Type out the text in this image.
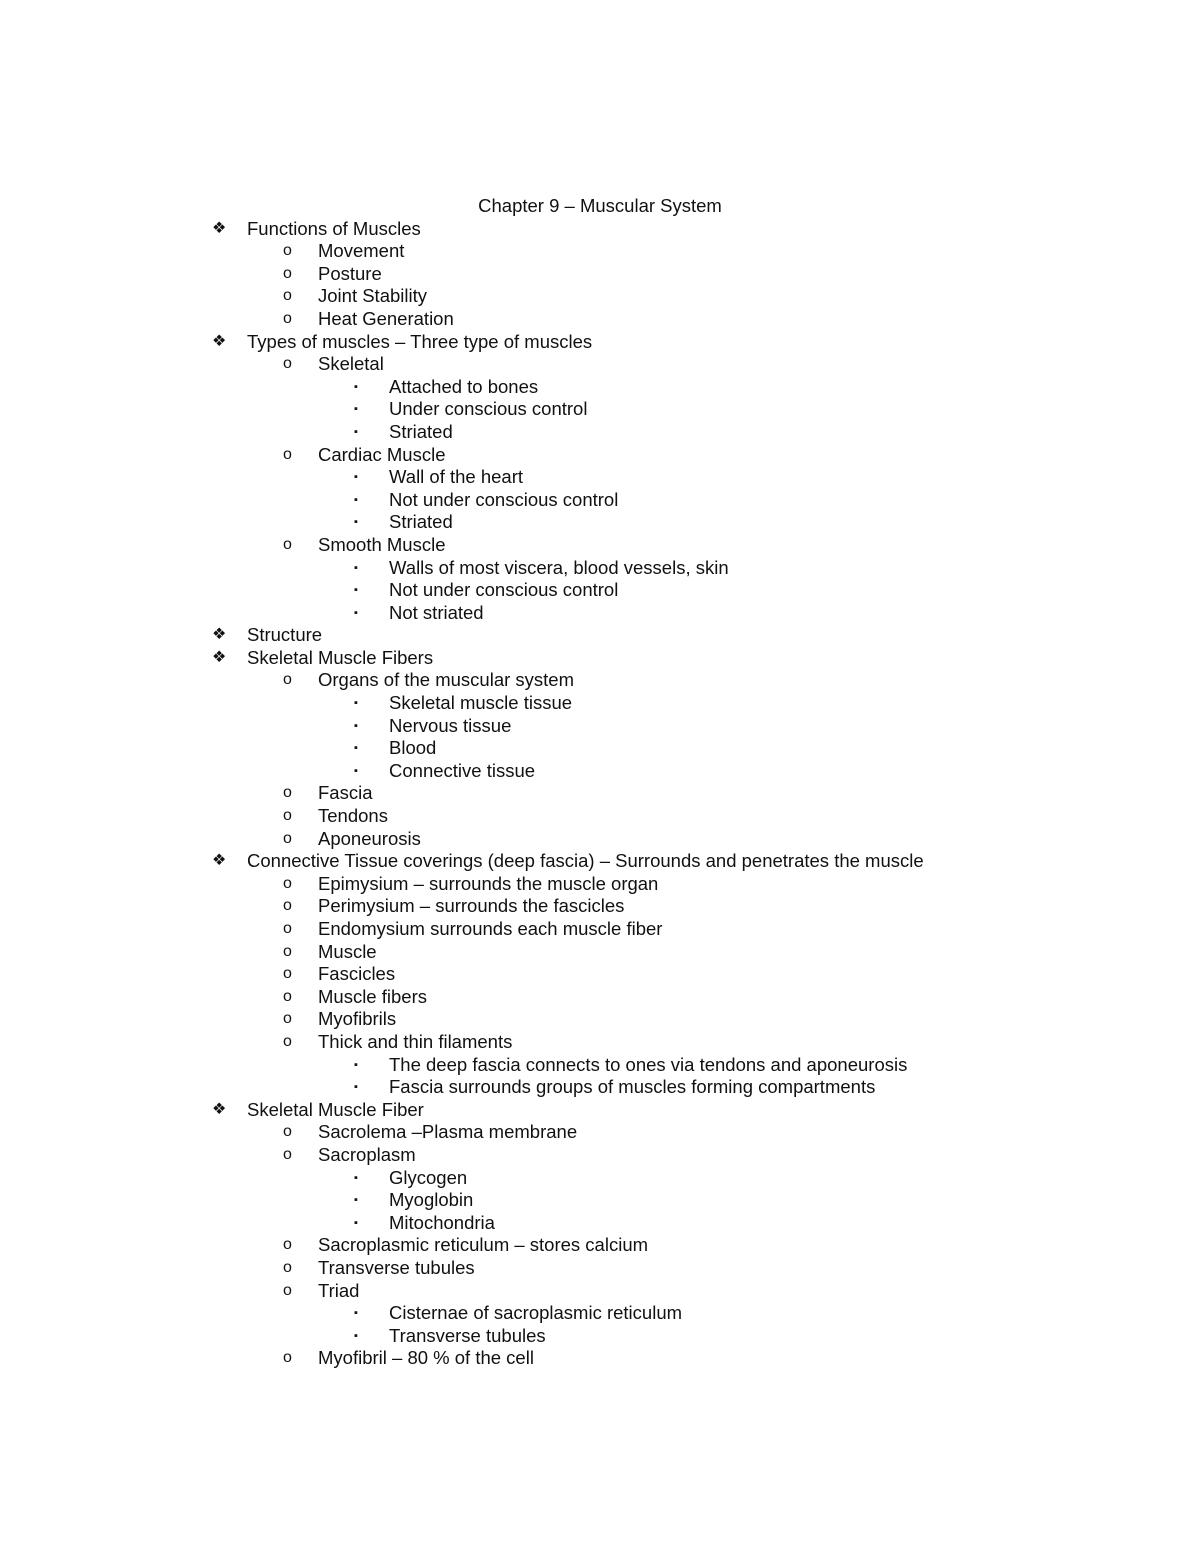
Chapter 9 – Muscular System
❖ Functions of Muscles
o Movement
o Posture
o Joint Stability
o Heat Generation
❖ Types of muscles – Three type of muscles
o Skeletal
▪ Attached to bones
▪ Under conscious control
▪ Striated
o Cardiac Muscle
▪ Wall of the heart
▪ Not under conscious control
▪ Striated
o Smooth Muscle
▪ Walls of most viscera, blood vessels, skin
▪ Not under conscious control
▪ Not striated
❖ Structure
❖ Skeletal Muscle Fibers
o Organs of the muscular system
▪ Skeletal muscle tissue
▪ Nervous tissue
▪ Blood
▪ Connective tissue
o Fascia
o Tendons
o Aponeurosis
❖ Connective Tissue coverings (deep fascia) – Surrounds and penetrates the muscle
o Epimysium – surrounds the muscle organ
o Perimysium – surrounds the fascicles
o Endomysium surrounds each muscle fiber
o Muscle
o Fascicles
o Muscle fibers
o Myofibrils
o Thick and thin filaments
▪ The deep fascia connects to ones via tendons and aponeurosis
▪ Fascia surrounds groups of muscles forming compartments
❖ Skeletal Muscle Fiber
o Sacrolema –Plasma membrane
o Sacroplasm
▪ Glycogen
▪ Myoglobin
▪ Mitochondria
o Sacroplasmic reticulum – stores calcium
o Transverse tubules
o Triad
▪ Cisternae of sacroplasmic reticulum
▪ Transverse tubules
o Myofibril – 80 % of the cell
